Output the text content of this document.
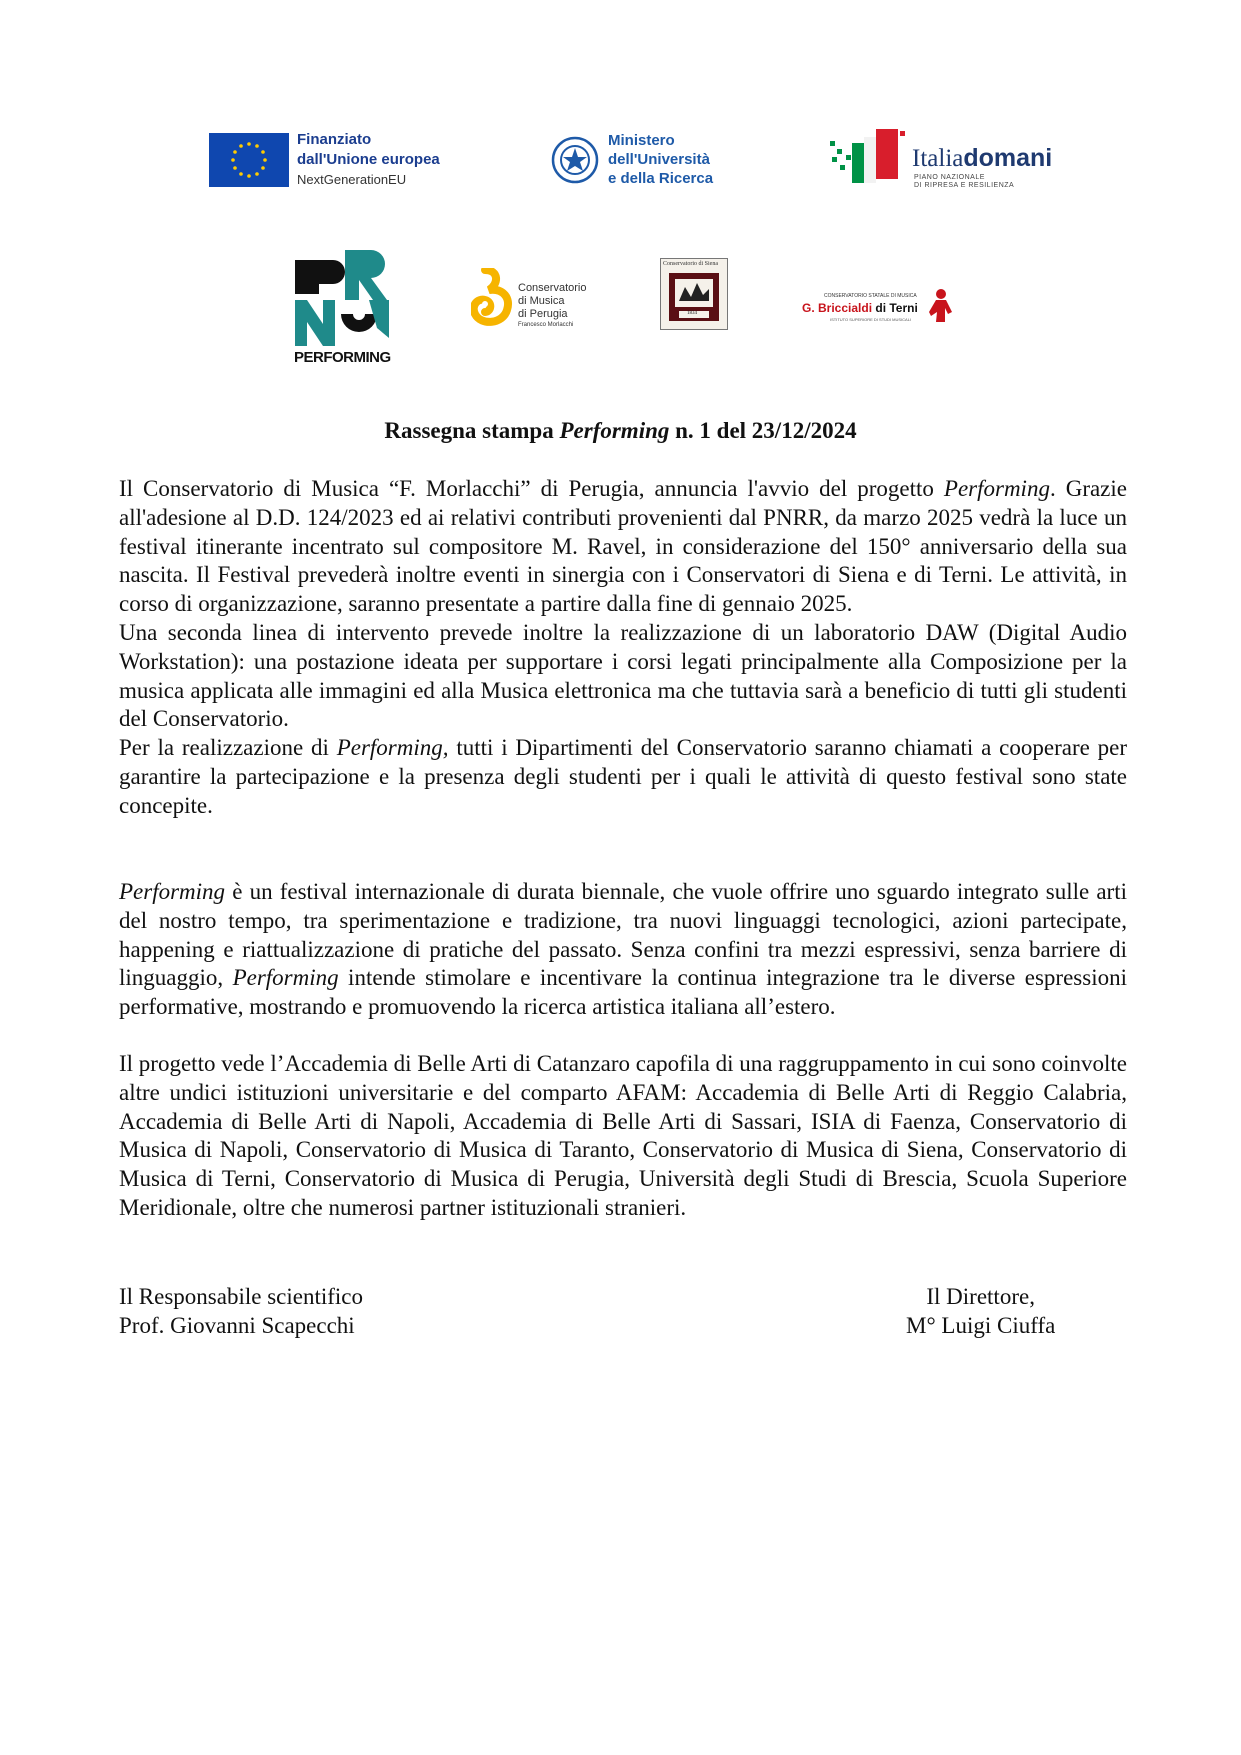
Finanziato
dall'Unione europea
NextGenerationEU
Ministero
dell'Università
e della Ricerca
Italiadomani
PIANO NAZIONALE
DI RIPRESA E RESILIENZA
PERFORMING
Conservatorio
di Musica
di Perugia
Francesco Morlacchi
Conservatorio di Siena
1834
CONSERVATORIO STATALE DI MUSICA
G. Briccialdi di Terni
ISTITUTO SUPERIORE DI STUDI MUSICALI
Rassegna stampa Performing n. 1 del 23/12/2024

Il Conservatorio di Musica “F. Morlacchi” di Perugia, annuncia l'avvio del progetto Performing. Grazie all'adesione al D.D. 124/2023 ed ai relativi contributi provenienti dal PNRR, da marzo 2025 vedrà la luce un festival itinerante incentrato sul compositore M. Ravel, in considerazione del 150° anniversario della sua nascita. Il Festival prevederà inoltre eventi in sinergia con i Conservatori di Siena e di Terni. Le attività, in corso di organizzazione, saranno presentate a partire dalla fine di gennaio 2025.
Una seconda linea di intervento prevede inoltre la realizzazione di un laboratorio DAW (Digital Audio Workstation): una postazione ideata per supportare i corsi legati principalmente alla Composizione per la musica applicata alle immagini ed alla Musica elettronica ma che tuttavia sarà a beneficio di tutti gli studenti del Conservatorio.
Per la realizzazione di Performing, tutti i Dipartimenti del Conservatorio saranno chiamati a cooperare per garantire la partecipazione e la presenza degli studenti per i quali le attività di questo festival sono state concepite.

Performing è un festival internazionale di durata biennale, che vuole offrire uno sguardo integrato sulle arti del nostro tempo, tra sperimentazione e tradizione, tra nuovi linguaggi tecnologici, azioni partecipate, happening e riattualizzazione di pratiche del passato. Senza confini tra mezzi espressivi, senza barriere di linguaggio, Performing intende stimolare e incentivare la continua integrazione tra le diverse espressioni performative, mostrando e promuovendo la ricerca artistica italiana all’estero.

Il progetto vede l’Accademia di Belle Arti di Catanzaro capofila di una raggruppamento in cui sono coinvolte altre undici istituzioni universitarie e del comparto AFAM: Accademia di Belle Arti di Reggio Calabria, Accademia di Belle Arti di Napoli, Accademia di Belle Arti di Sassari, ISIA di Faenza, Conservatorio di Musica di Napoli, Conservatorio di Musica di Taranto, Conservatorio di Musica di Siena, Conservatorio di Musica di Terni, Conservatorio di Musica di Perugia, Università degli Studi di Brescia, Scuola Superiore Meridionale, oltre che numerosi partner istituzionali stranieri.

Il Responsabile scientifico
Prof. Giovanni Scapecchi
Il Direttore,
M° Luigi Ciuffa
